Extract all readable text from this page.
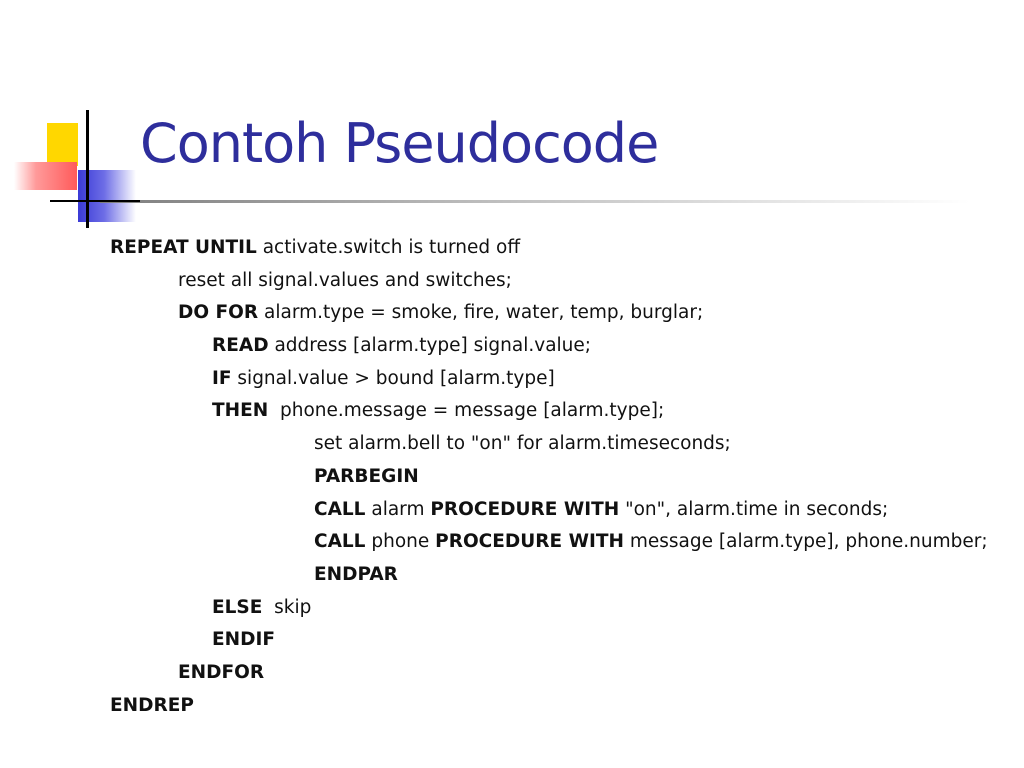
Contoh Pseudocode
REPEAT UNTIL activate.switch is turned off
reset all signal.values and switches;
DO FOR alarm.type = smoke, fire, water, temp, burglar;
READ address [alarm.type] signal.value;
IF signal.value > bound [alarm.type]
THEN  phone.message = message [alarm.type];
set alarm.bell to "on" for alarm.timeseconds;
PARBEGIN
CALL alarm PROCEDURE WITH "on", alarm.time in seconds;
CALL phone PROCEDURE WITH message [alarm.type], phone.number;
ENDPAR
ELSE  skip
ENDIF
ENDFOR
ENDREP
